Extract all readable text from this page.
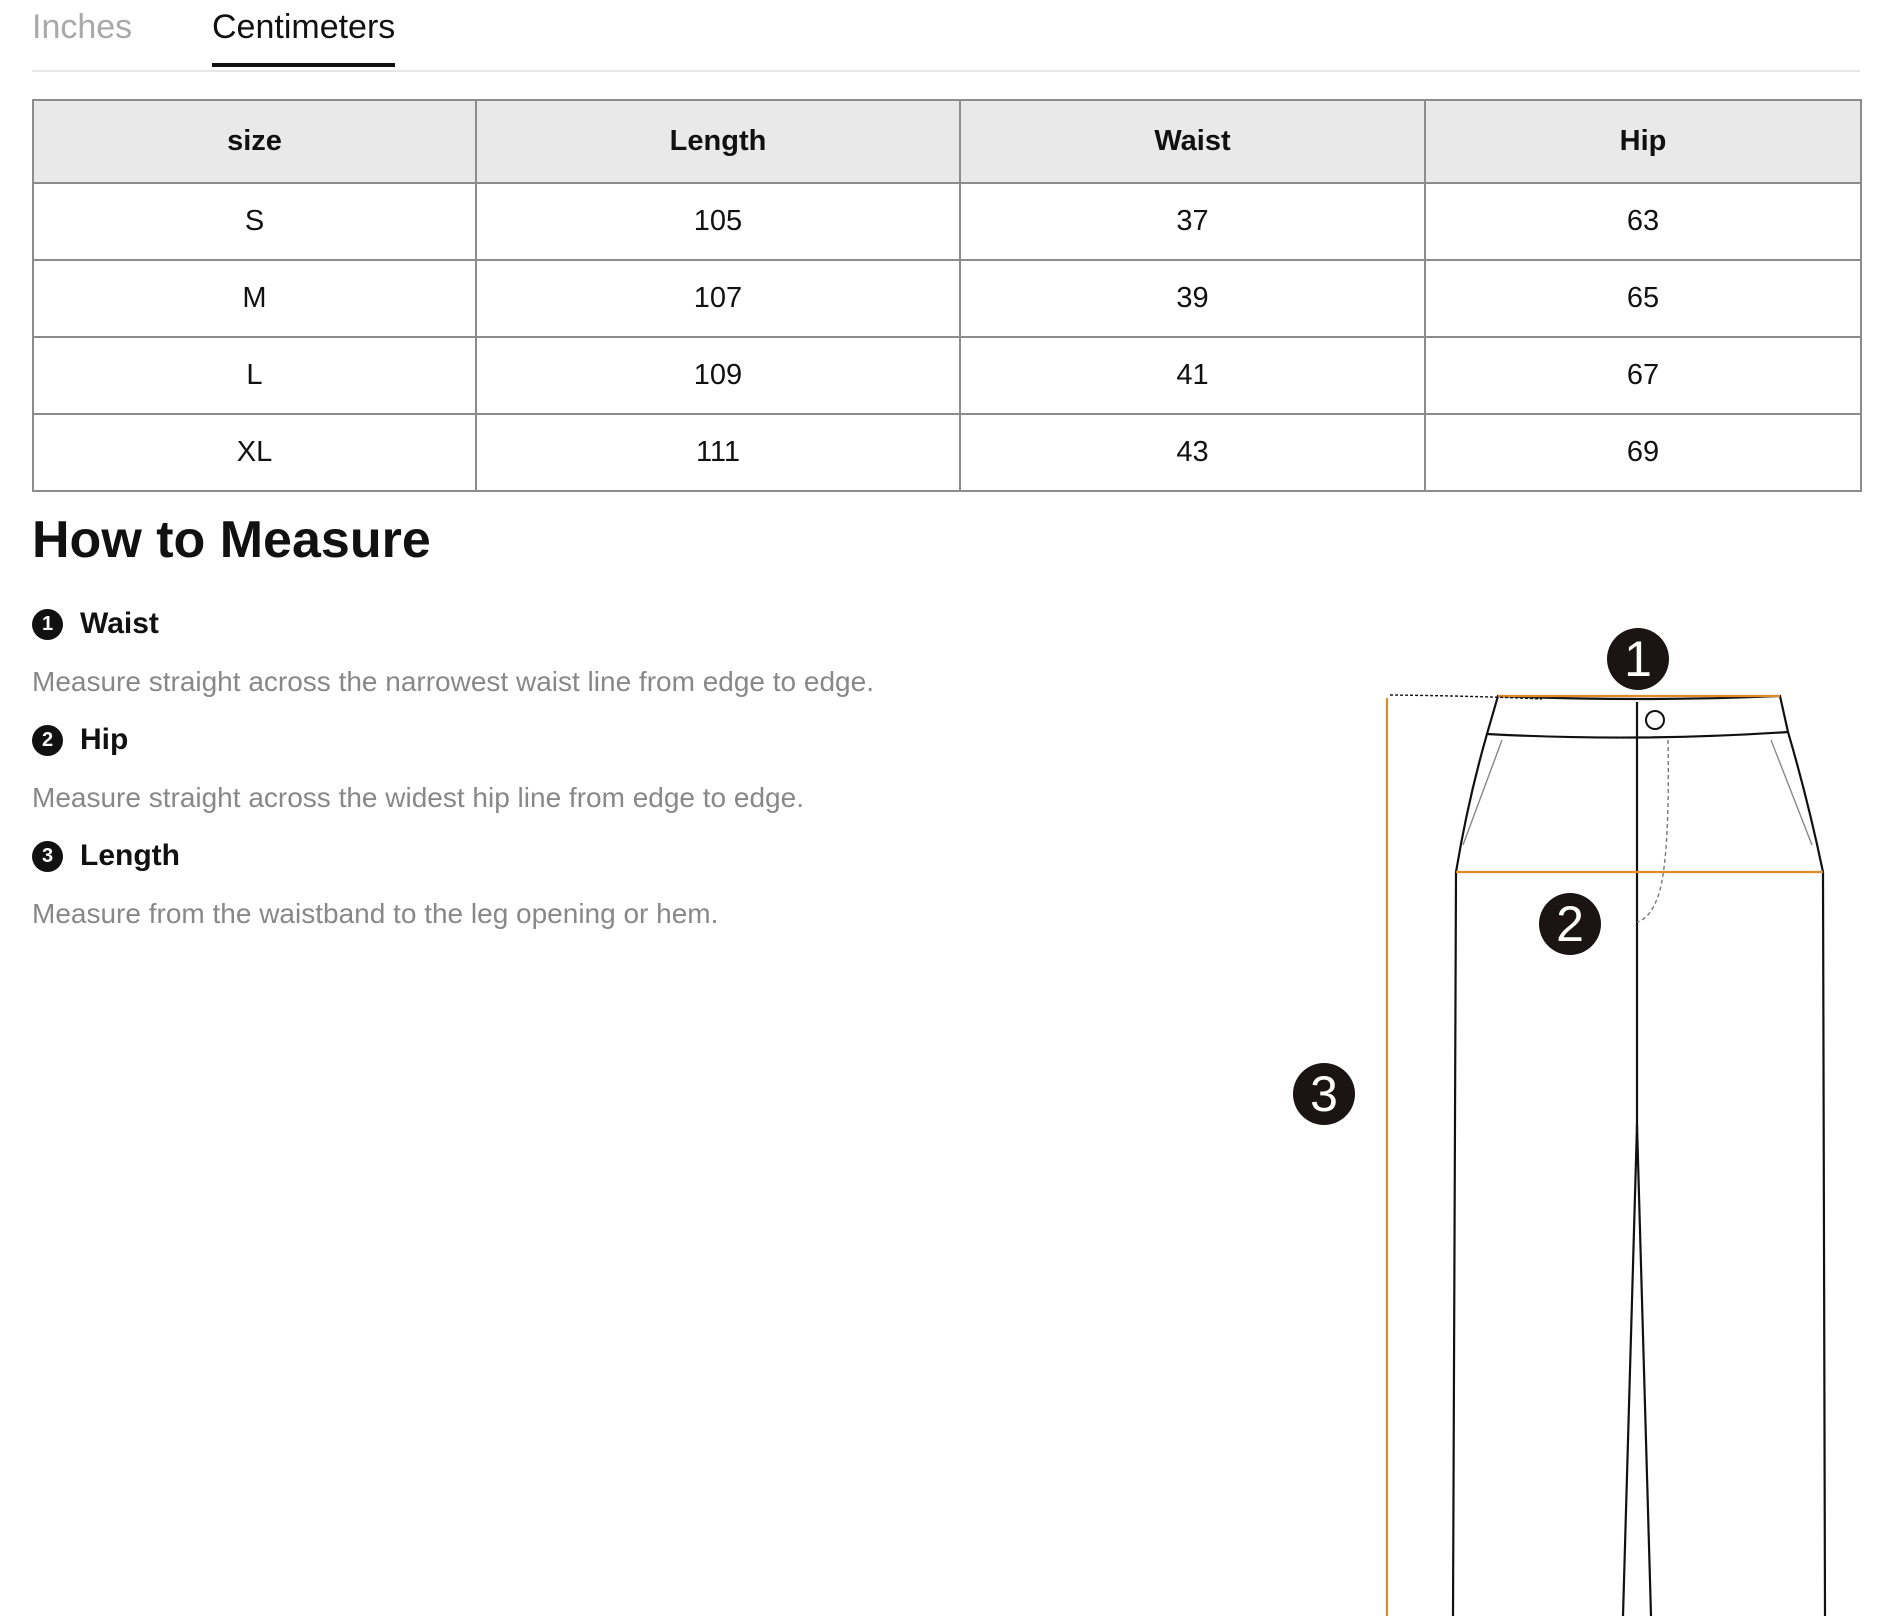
Inches Centimeters
size	Length	Waist	Hip
S	105	37	63
M	107	39	65
L	109	41	67
XL	111	43	69
How to Measure
1 Waist
Measure straight across the narrowest waist line from edge to edge.
2 Hip
Measure straight across the widest hip line from edge to edge.
3 Length
Measure from the waistband to the leg opening or hem.
1
2
3
